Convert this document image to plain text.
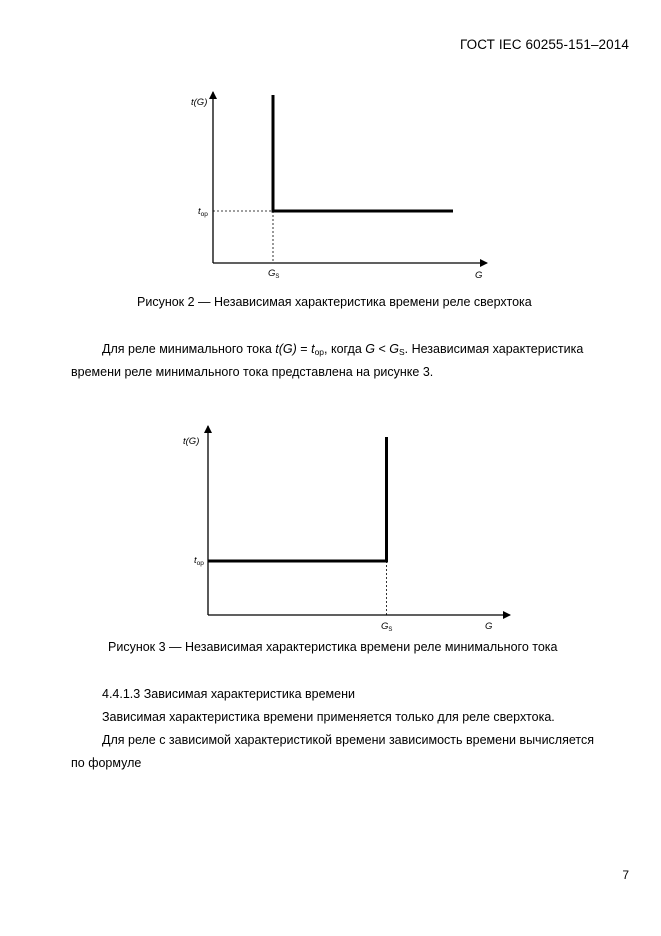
ГОСТ IEC 60255-151–2014
t(G)
$t_{op}$
$G_S$	G
Рисунок 2 — Независимая характеристика времени реле сверхтока
Для реле минимального тока $t(G) = t_{op}$, когда $G < G_S$. Независимая характеристика
времени реле минимального тока представлена на рисунке 3.
t(G)
$t_{op}$
$G_S$	G
Рисунок 3 — Независимая характеристика времени реле минимального тока
4.4.1.3 Зависимая характеристика времени
Зависимая характеристика времени применяется только для реле сверхтока.
Для реле с зависимой характеристикой времени зависимость времени вычисляется
по формуле
7
